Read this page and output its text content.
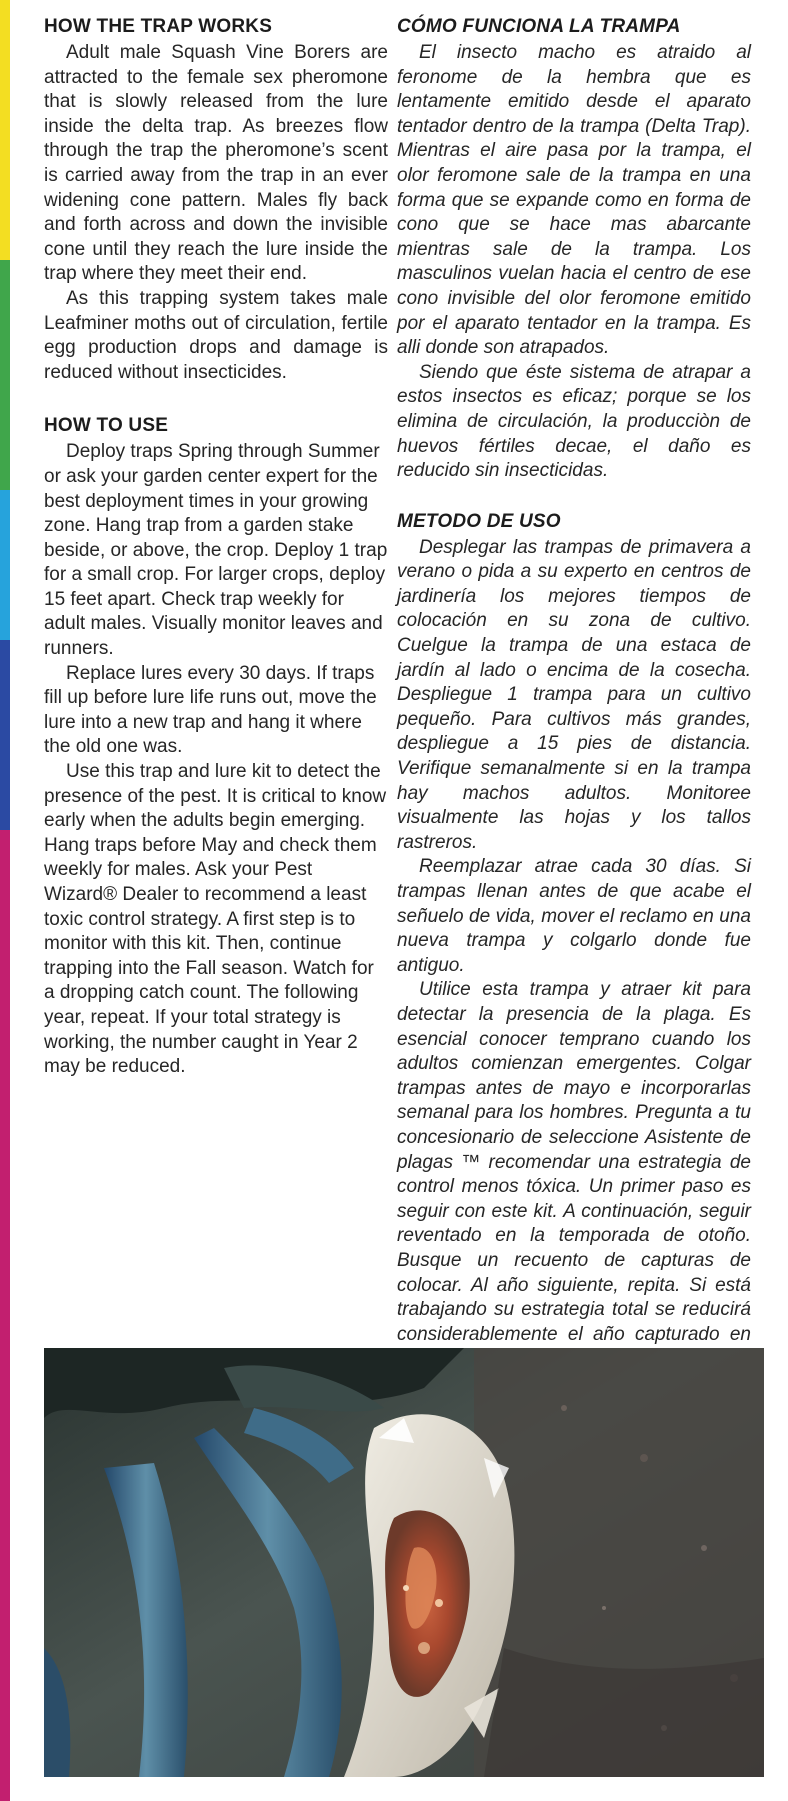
HOW THE TRAP WORKS

Adult male Squash Vine Borers are attracted to the female sex pheromone that is slowly released from the lure inside the delta trap. As breezes flow through the trap the pheromone’s scent is carried away from the trap in an ever widening cone pattern. Males fly back and forth across and down the invisible cone until they reach the lure inside the trap where they meet their end.

As this trapping system takes male Leafminer moths out of circulation, fertile egg production drops and damage is reduced without insecticides.

HOW TO USE

Deploy traps Spring through Summer or ask your garden center expert for the best deployment times in your growing zone. Hang trap from a garden stake beside, or above, the crop. Deploy 1 trap for a small crop. For larger crops, deploy 15 feet apart. Check trap weekly for adult males. Visually monitor leaves and runners.

Replace lures every 30 days. If traps fill up before lure life runs out, move the lure into a new trap and hang it where the old one was.

Use this trap and lure kit to detect the presence of the pest. It is critical to know early when the adults begin emerging. Hang traps before May and check them weekly for males. Ask your Pest Wizard® Dealer to recommend a least toxic control strategy. A first step is to monitor with this kit. Then, continue trapping into the Fall season. Watch for a dropping catch count. The following year, repeat. If your total strategy is working, the number caught in Year 2 may be reduced.

CÓMO FUNCIONA LA TRAMPA

El insecto macho es atraido al feronome de la hembra que es lentamente emitido desde el aparato tentador dentro de la trampa (Delta Trap). Mientras el aire pasa por la trampa, el olor feromone sale de la trampa en una forma que se expande como en forma de cono que se hace mas abarcante mientras sale de la trampa. Los masculinos vuelan hacia el centro de ese cono invisible del olor feromone emitido por el aparato tentador en la trampa. Es alli donde son atrapados.

Siendo que éste sistema de atrapar a estos insectos es eficaz; porque se los elimina de circulación, la producciòn de huevos fértiles decae, el daño es reducido sin insecticidas.

METODO DE USO

Desplegar las trampas de primavera a verano o pida a su experto en centros de jardinería los mejores tiempos de colocación en su zona de cultivo. Cuelgue la trampa de una estaca de jardín al lado o encima de la cosecha. Despliegue 1 trampa para un cultivo pequeño. Para cultivos más grandes, despliegue a 15 pies de distancia. Verifique semanalmente si en la trampa hay machos adultos. Monitoree visualmente las hojas y los tallos rastreros.

Reemplazar atrae cada 30 días. Si trampas llenan antes de que acabe el señuelo de vida, mover el reclamo en una nueva trampa y colgarlo donde fue antiguo.

Utilice esta trampa y atraer kit para detectar la presencia de la plaga. Es esencial conocer temprano cuando los adultos comienzan emergentes. Colgar trampas antes de mayo e incorporarlas semanal para los hombres. Pregunta a tu concesionario de seleccione Asistente de plagas ™ recomendar una estrategia de control menos tóxica. Un primer paso es seguir con este kit. A continuación, seguir reventado en la temporada de otoño. Busque un recuento de capturas de colocar. Al año siguiente, repita. Si está trabajando su estrategia total se reducirá considerablemente el año capturado en
